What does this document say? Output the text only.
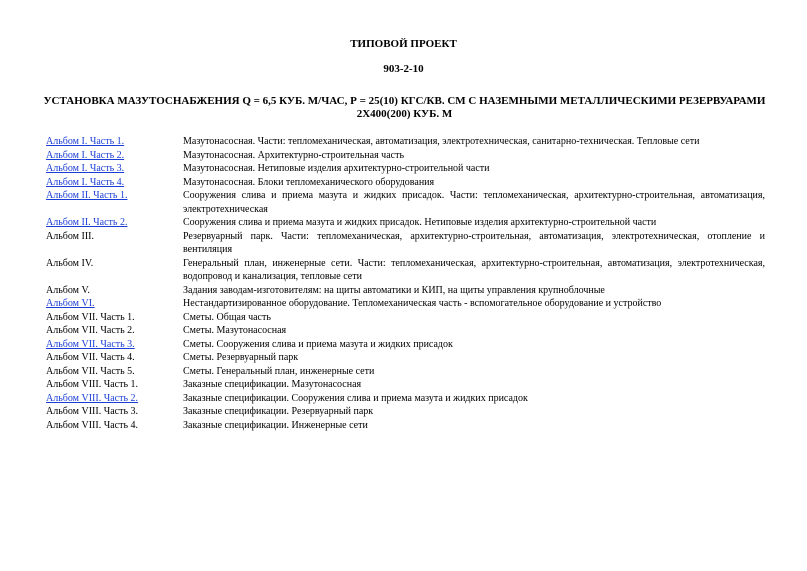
ТИПОВОЙ ПРОЕКТ
903-2-10
УСТАНОВКА МАЗУТОСНАБЖЕНИЯ Q = 6,5 КУБ. М/ЧАС, Р = 25(10) КГС/КВ. СМ С НАЗЕМНЫМИ МЕТАЛЛИЧЕСКИМИ РЕЗЕРВУАРАМИ 2Х400(200) КУБ. М
Альбом I. Часть 1.	Мазутонасосная. Части: тепломеханическая, автоматизация, электротехническая, санитарно-техническая. Тепловые сети
Альбом I. Часть 2.	Мазутонасосная. Архитектурно-строительная часть
Альбом I. Часть 3.	Мазутонасосная. Нетиповые изделия архитектурно-строительной части
Альбом I. Часть 4.	Мазутонасосная. Блоки тепломеханического оборудования
Альбом II. Часть 1.	Сооружения слива и приема мазута и жидких присадок. Части: тепломеханическая, архитектурно-строительная, автоматизация, электротехническая
Альбом II. Часть 2.	Сооружения слива и приема мазута и жидких присадок. Нетиповые изделия архитектурно-строительной части
Альбом III.	Резервуарный парк. Части: тепломеханическая, архитектурно-строительная, автоматизация, электротехническая, отопление и вентиляция
Альбом IV.	Генеральный план, инженерные сети. Части: тепломеханическая, архитектурно-строительная, автоматизация, электротехническая, водопровод и канализация, тепловые сети
Альбом V.	Задания заводам-изготовителям: на щиты автоматики и КИП, на щиты управления крупноблочные
Альбом VI.	Нестандартизированное оборудование. Тепломеханическая часть - вспомогательное оборудование и устройство
Альбом VII. Часть 1.	Сметы. Общая часть
Альбом VII. Часть 2.	Сметы. Мазутонасосная
Альбом VII. Часть 3.	Сметы. Сооружения слива и приема мазута и жидких присадок
Альбом VII. Часть 4.	Сметы. Резервуарный парк
Альбом VII. Часть 5.	Сметы. Генеральный план, инженерные сети
Альбом VIII. Часть 1.	Заказные спецификации. Мазутонасосная
Альбом VIII. Часть 2.	Заказные спецификации. Сооружения слива и приема мазута и жидких присадок
Альбом VIII. Часть 3.	Заказные спецификации. Резервуарный парк
Альбом VIII. Часть 4.	Заказные спецификации. Инженерные сети
